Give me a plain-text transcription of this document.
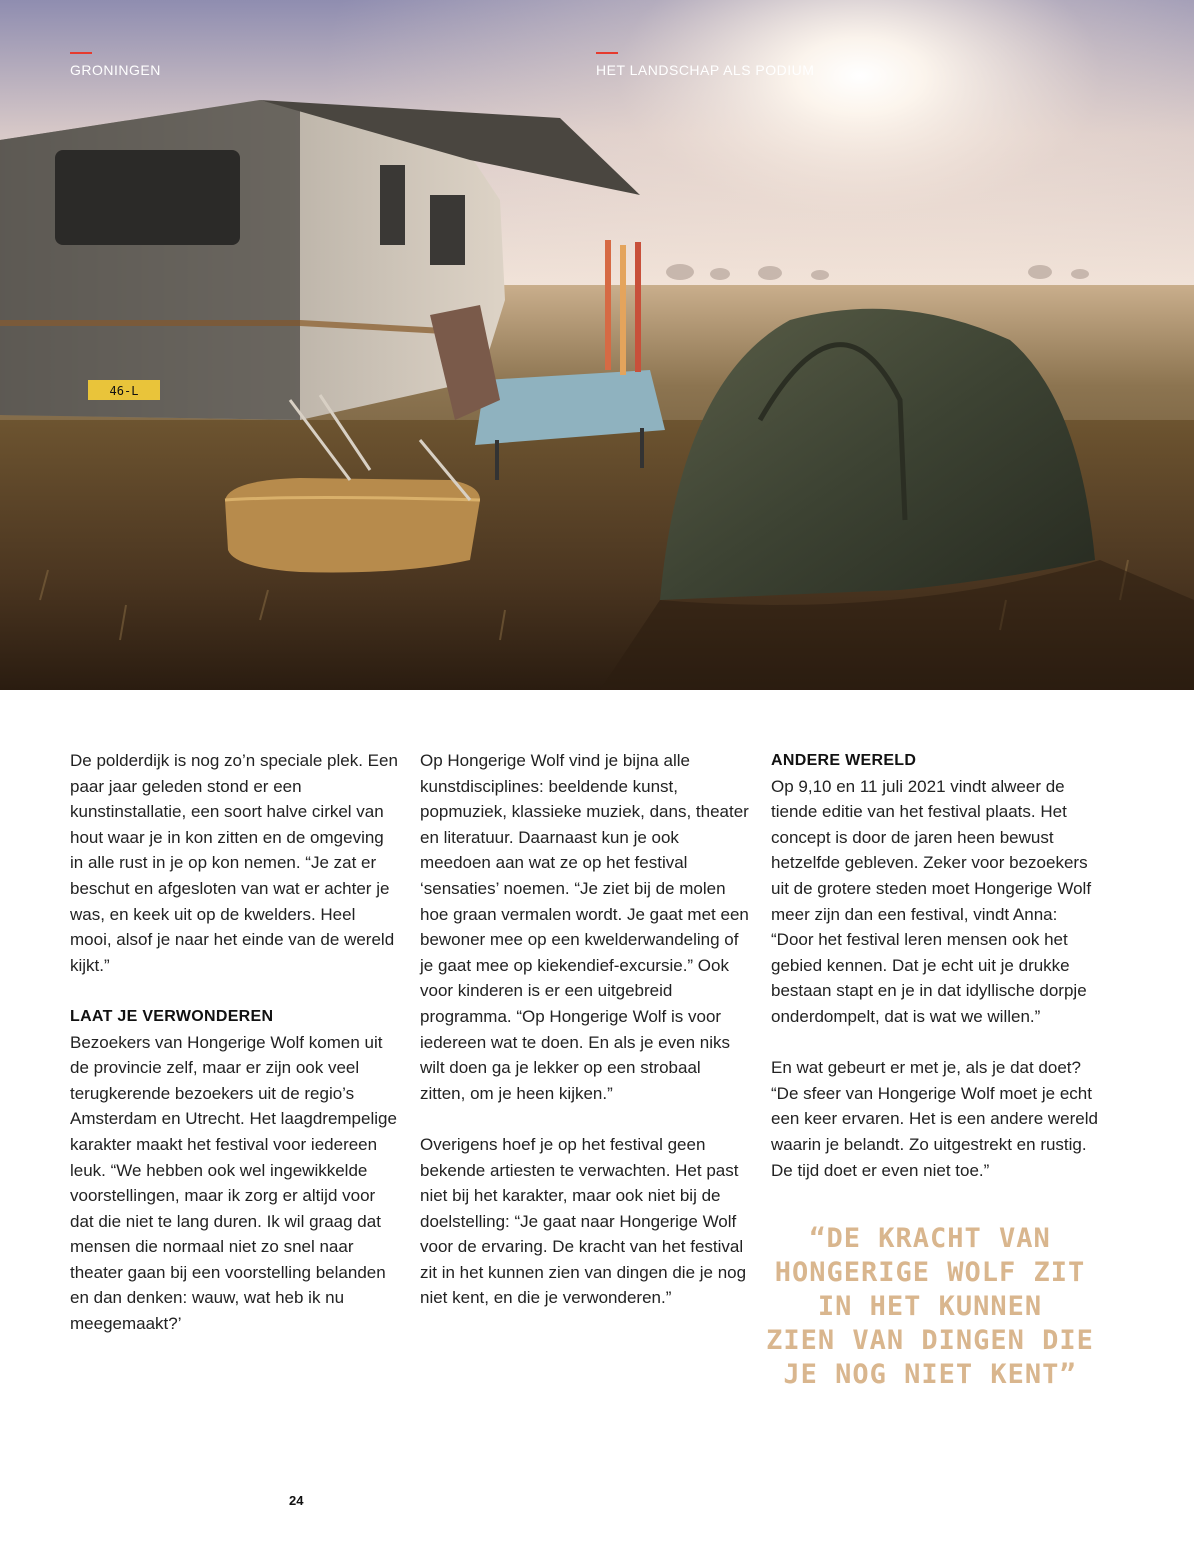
46-L
GRONINGEN	HET LANDSCHAP ALS PODIUM

De polderdijk is nog zo’n speciale plek. Een paar jaar geleden stond er een kunstinstallatie, een soort halve cirkel van hout waar je in kon zitten en de omgeving in alle rust in je op kon nemen. “Je zat er beschut en afgesloten van wat er achter je was, en keek uit op de kwelders. Heel mooi, alsof je naar het einde van de wereld kijkt.”

LAAT JE VERWONDEREN

Bezoekers van Hongerige Wolf komen uit de provincie zelf, maar er zijn ook veel terugkerende bezoekers uit de regio’s Amsterdam en Utrecht. Het laagdrempelige karakter maakt het festival voor iedereen leuk. “We hebben ook wel ingewikkelde voorstellingen, maar ik zorg er altijd voor dat die niet te lang duren. Ik wil graag dat mensen die normaal niet zo snel naar theater gaan bij een voorstelling belanden en dan denken: wauw, wat heb ik nu meegemaakt?’

Op Hongerige Wolf vind je bijna alle kunstdisciplines: beeldende kunst, popmuziek, klassieke muziek, dans, theater en literatuur. Daarnaast kun je ook meedoen aan wat ze op het festival ‘sensaties’ noemen. “Je ziet bij de molen hoe graan vermalen wordt. Je gaat met een bewoner mee op een kwelderwandeling of je gaat mee op kiekendief-excursie.” Ook voor kinderen is er een uitgebreid programma. “Op Hongerige Wolf is voor iedereen wat te doen. En als je even niks wilt doen ga je lekker op een strobaal zitten, om je heen kijken.”

Overigens hoef je op het festival geen bekende artiesten te verwachten. Het past niet bij het karakter, maar ook niet bij de doelstelling: “Je gaat naar Hongerige Wolf voor de ervaring. De kracht van het festival zit in het kunnen zien van dingen die je nog niet kent, en die je verwonderen.”

ANDERE WERELD

Op 9,10 en 11 juli 2021 vindt alweer de tiende editie van het festival plaats. Het concept is door de jaren heen bewust hetzelfde gebleven. Zeker voor bezoekers uit de grotere steden moet Hongerige Wolf meer zijn dan een festival, vindt Anna: “Door het festival leren mensen ook het gebied kennen. Dat je echt uit je drukke bestaan stapt en je in dat idyllische dorpje onderdompelt, dat is wat we willen.”

En wat gebeurt er met je, als je dat doet? “De sfeer van Hongerige Wolf moet je echt een keer ervaren. Het is een andere wereld waarin je belandt. Zo uitgestrekt en rustig. De tijd doet er even niet toe.”

“DE KRACHT VAN
HONGERIGE WOLF ZIT
IN HET KUNNEN
ZIEN VAN DINGEN DIE
JE NOG NIET KENT”
24
